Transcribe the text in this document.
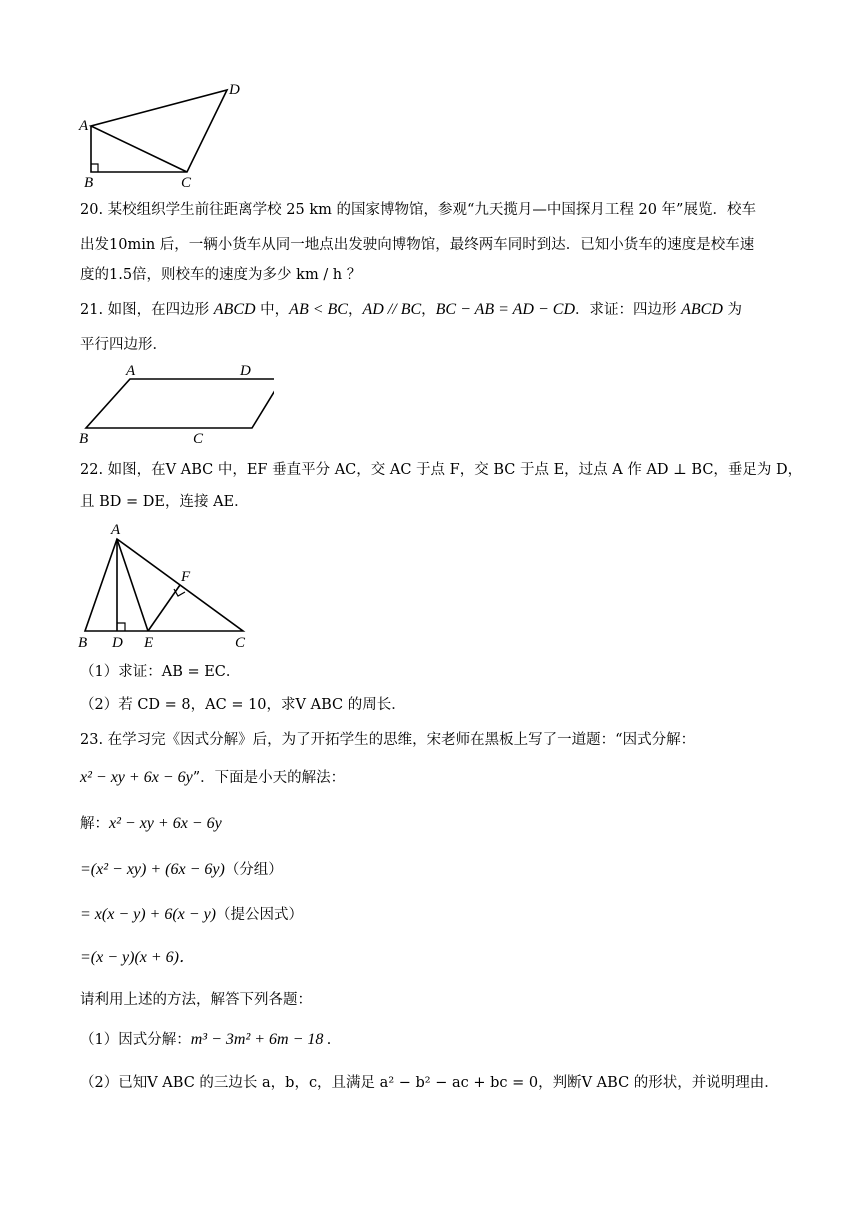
A
B	C
D
20. 某校组织学生前往距离学校 25 km 的国家博物馆，参观“九天揽月—中国探月工程 20 年”展览．校车
出发10min 后，一辆小货车从同一地点出发驶向博物馆，最终两车同时到达．已知小货车的速度是校车速
度的1.5倍，则校车的速度为多少 km / h ？
21. 如图，在四边形 ABCD 中，AB < BC，AD // BC，BC − AB = AD − CD．求证：四边形 ABCD 为
平行四边形．
A	D
B	C
22. 如图，在V ABC 中，EF 垂直平分 AC，交 AC 于点 F，交 BC 于点 E，过点 A 作 AD ⊥ BC，垂足为 D，
且 BD = DE，连接 AE．
A
B D E	C
F
（1）求证：AB = EC．
（2）若 CD = 8，AC = 10，求V ABC 的周长．
23. 在学习完《因式分解》后，为了开拓学生的思维，宋老师在黑板上写了一道题：“因式分解：
x² − xy + 6x − 6y”．下面是小天的解法：
解：x² − xy + 6x − 6y
=(x² − xy) + (6x − 6y)（分组）
= x(x − y) + 6(x − y)（提公因式）
=(x − y)(x + 6)．
请利用上述的方法，解答下列各题：
（1）因式分解：m³ − 3m² + 6m − 18 .
（2）已知V ABC 的三边长 a，b，c，且满足 a² − b² − ac + bc = 0，判断V ABC 的形状，并说明理由．
